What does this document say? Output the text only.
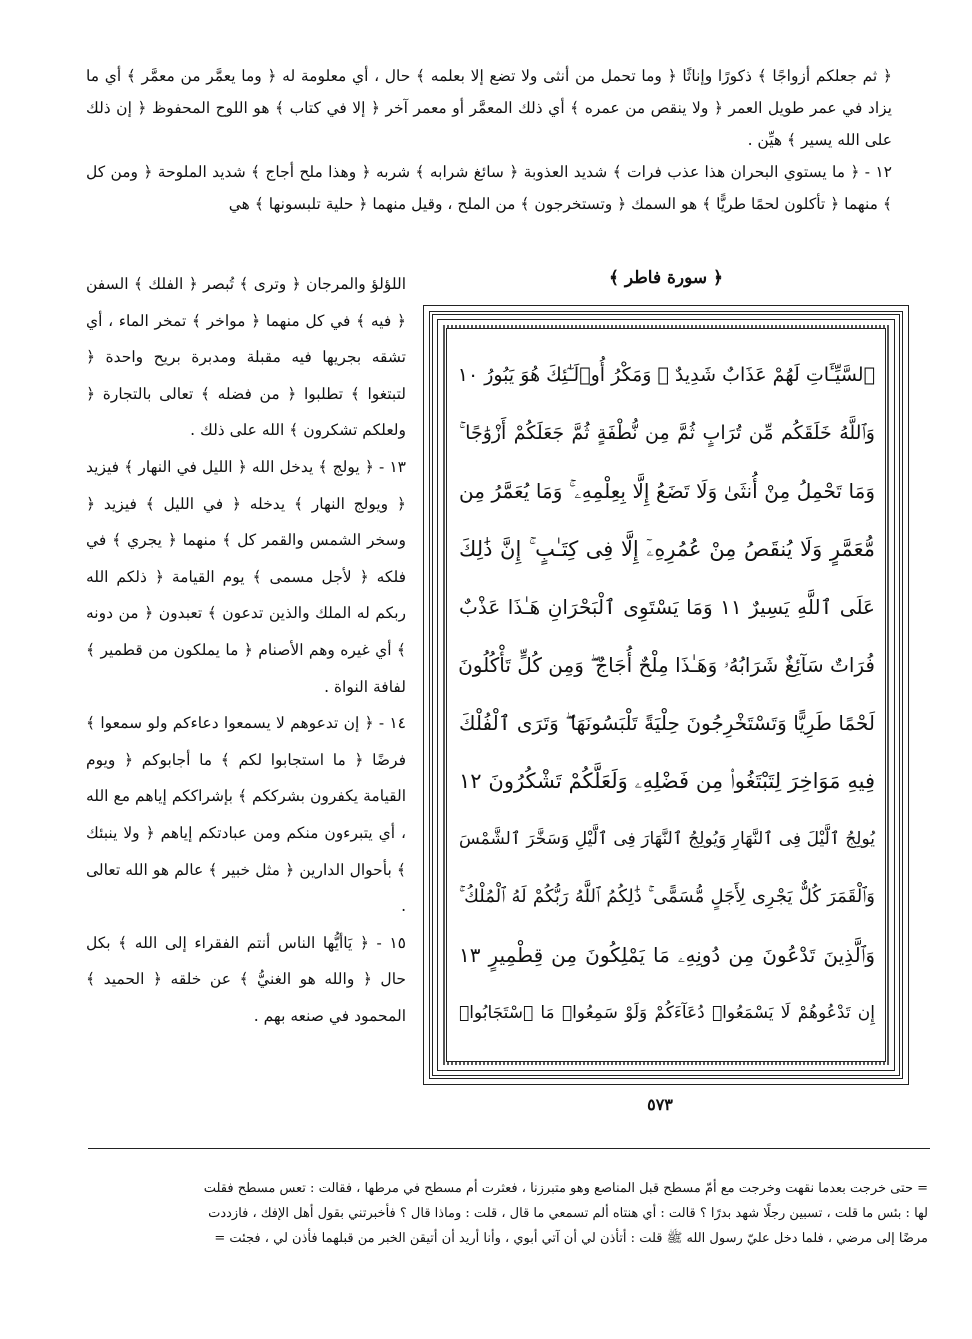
﴿ ثم جعلكم أزواجًا ﴾ ذكورًا وإناثًا ﴿ وما تحمل من أنثى ولا تضع إلا بعلمه ﴾ حال ، أي معلومة له ﴿ وما يعمَّر من معمَّر ﴾ أي ما يزاد في عمر طويل العمر ﴿ ولا ينقص من عمره ﴾ أي ذلك المعمَّر أو معمر آخر ﴿ إلا في كتاب ﴾ هو اللوح المحفوظ ﴿ إن ذلك على الله يسير ﴾ هيِّن .

١٢ - ﴿ ما يستوي البحران هذا عذب فرات ﴾ شديد العذوبة ﴿ سائغ شرابه ﴾ شربه ﴿ وهذا ملح أجاج ﴾ شديد الملوحة ﴿ ومن كل ﴾ منهما ﴿ تأكلون لحمًا طريًّا ﴾ هو السمك ﴿ وتستخرجون ﴾ من الملح ، وقيل منهما ﴿ حلية تلبسونها ﴾ هي

﴿ سورة فاطر ﴾
ٱلسَّيِّـَٔاتِ لَهُمْ عَذَابٌ شَدِيدٌ ۖ وَمَكْرُ أُو۟لَـٰٓئِكَ هُوَ يَبُورُ ١٠
وَٱللَّهُ خَلَقَكُم مِّن تُرَابٍ ثُمَّ مِن نُّطْفَةٍ ثُمَّ جَعَلَكُمْ أَزْوَٰجًا ۚ
وَمَا تَحْمِلُ مِنْ أُنثَىٰ وَلَا تَضَعُ إِلَّا بِعِلْمِهِۦ ۚ وَمَا يُعَمَّرُ مِن
مُّعَمَّرٍ وَلَا يُنقَصُ مِنْ عُمُرِهِۦٓ إِلَّا فِى كِتَـٰبٍ ۚ إِنَّ ذَٰلِكَ
عَلَى ٱللَّهِ يَسِيرٌ ١١ وَمَا يَسْتَوِى ٱلْبَحْرَانِ هَـٰذَا عَذْبٌ
فُرَاتٌ سَآئِغٌ شَرَابُهُۥ وَهَـٰذَا مِلْحٌ أُجَاجٌ ۖ وَمِن كُلٍّ تَأْكُلُونَ
لَحْمًا طَرِيًّا وَتَسْتَخْرِجُونَ حِلْيَةً تَلْبَسُونَهَا ۖ وَتَرَى ٱلْفُلْكَ
فِيهِ مَوَاخِرَ لِتَبْتَغُوا۟ مِن فَضْلِهِۦ وَلَعَلَّكُمْ تَشْكُرُونَ ١٢
يُولِجُ ٱلَّيْلَ فِى ٱلنَّهَارِ وَيُولِجُ ٱلنَّهَارَ فِى ٱلَّيْلِ وَسَخَّرَ ٱلشَّمْسَ
وَٱلْقَمَرَ كُلٌّ يَجْرِى لِأَجَلٍ مُّسَمًّى ۚ ذَٰلِكُمُ ٱللَّهُ رَبُّكُمْ لَهُ ٱلْمُلْكُ ۚ
وَٱلَّذِينَ تَدْعُونَ مِن دُونِهِۦ مَا يَمْلِكُونَ مِن قِطْمِيرٍ ١٣
إِن تَدْعُوهُمْ لَا يَسْمَعُوا۟ دُعَآءَكُمْ وَلَوْ سَمِعُوا۟ مَا ٱسْتَجَابُوا۟

اللؤلؤ والمرجان ﴿ وترى ﴾ تُبصر ﴿ الفلك ﴾ السفن ﴿ فيه ﴾ في كل منهما ﴿ مواخر ﴾ تمخر الماء ، أي تشقه بجريها فيه مقبلة ومدبرة بريح واحدة ﴿ لتبتغوا ﴾ تطلبوا ﴿ من فضله ﴾ تعالى بالتجارة ﴿ ولعلكم تشكرون ﴾ الله على ذلك .

١٣ - ﴿ يولج ﴾ يدخل الله ﴿ الليل في النهار ﴾ فيزيد ﴿ ويولج النهار ﴾ يدخله ﴿ في الليل ﴾ فيزيد ﴿ وسخر الشمس والقمر كل ﴾ منهما ﴿ يجري ﴾ في فلكه ﴿ لأجل مسمى ﴾ يوم القيامة ﴿ ذلكم الله ربكم له الملك والذين تدعون ﴾ تعبدون ﴿ من دونه ﴾ أي غيره وهم الأصنام ﴿ ما يملكون من قطمير ﴾ لفافة النواة .

١٤ - ﴿ إن تدعوهم لا يسمعوا دعاءكم ولو سمعوا ﴾ فرضًا ﴿ ما استجابوا لكم ﴾ ما أجابوكم ﴿ ويوم القيامة يكفرون بشرككم ﴾ بإشراككم إياهم مع الله ، أي يتبرءون منكم ومن عبادتكم إياهم ﴿ ولا ينبئك ﴾ بأحوال الدارين ﴿ مثل خبير ﴾ عالم هو الله تعالى .

١٥ - ﴿ يَاأيُّها الناس أنتم الفقراء إلى الله ﴾ بكل حال ﴿ والله هو الغنيُّ ﴾ عن خلقه ﴿ الحميد ﴾ المحمود في صنعه بهم .

٥٧٣

= حتى خرجت بعدما نقهت وخرجت مع أمّ مسطح قبل المناصع وهو متبرزنا ، فعثرت أم مسطح في مرطها ، فقالت : تعس مسطح فقلت

لها : بئس ما قلت ، تسبين رجلًا شهد بدرًا ؟ قالت : أي هنتاه ألم تسمعي ما قال ، قلت : وماذا قال ؟ فأخبرتني بقول أهل الإفك ، فازددت

مرضًا إلى مرضي ، فلما دخل عليّ رسول الله ﷺ قلت : أتأذن لي أن آتي أبوي ، وأنا أريد أن أتيقن الخبر من قبلهما فأذن لي ، فجئت =
